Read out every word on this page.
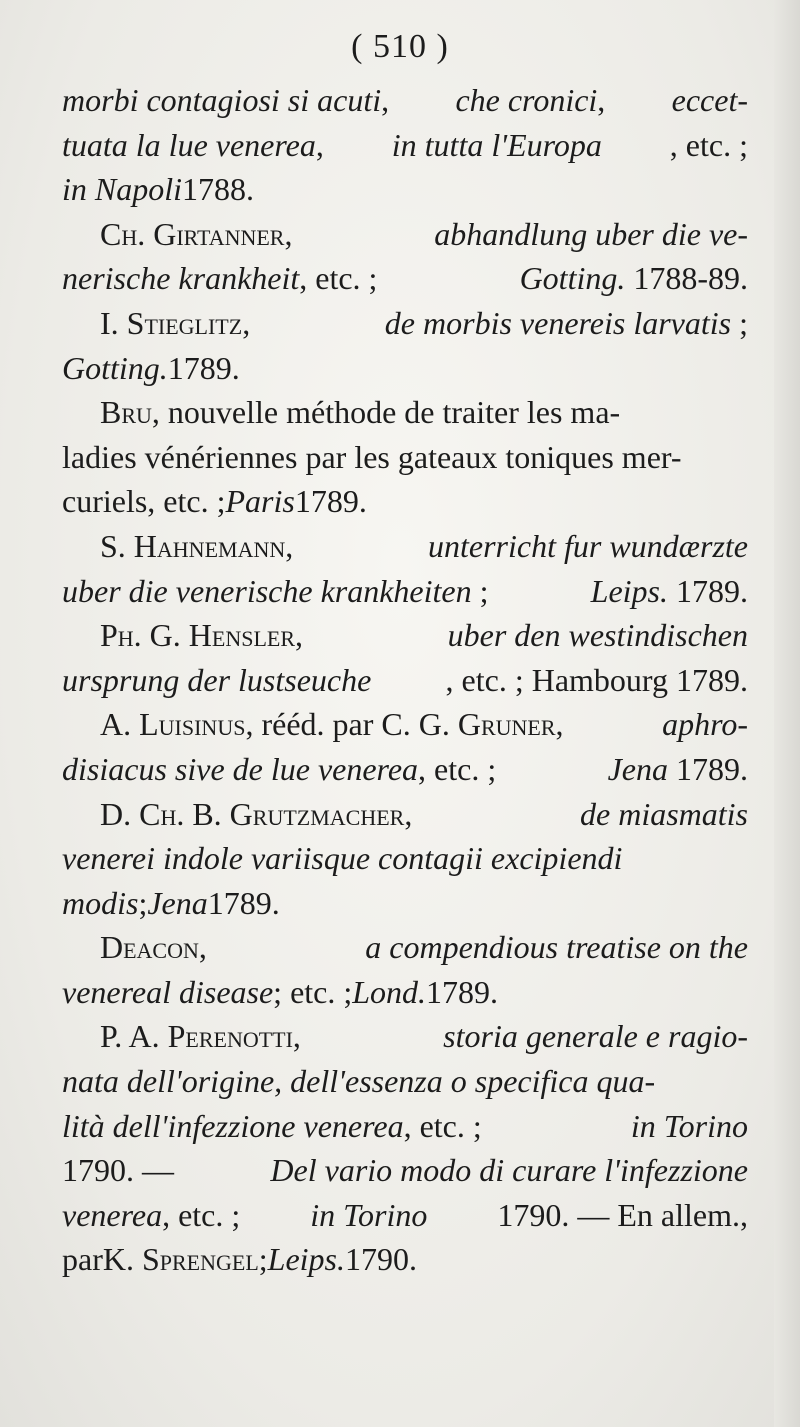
( 510 )
morbi contagiosi si acuti, che cronici, eccet-
tuata la lue venerea, in tutta l'Europa , etc. ;
in Napoli 1788.
Ch. Girtanner,	abhandlung uber die ve-
nerische krankheit, etc. ;	Gotting. 1788-89.
I. Stieglitz,	de morbis venereis larvatis ;
Gotting. 1789.
Bru, nouvelle méthode de traiter les ma-
ladies vénériennes par les gateaux toniques mer-
curiels, etc. ; Paris 1789.
S. Hahnemann,	unterricht fur wundærzte
uber die venerische krankheiten ;	Leips. 1789.
Ph. G. Hensler,	uber den westindischen
ursprung der lustseuche , etc. ; Hambourg 1789.
A. Luisinus, rééd. par C. G. Gruner,	aphro-
disiacus sive de lue venerea, etc. ;	Jena 1789.
D. Ch. B. Grutzmacher,	de miasmatis
venerei indole variisque contagii excipiendi
modis ; Jena 1789.
Deacon,	a compendious treatise on the
venereal disease ; etc. ; Lond. 1789.
P. A. Perenotti,	storia generale e ragio-
nata dell'origine, dell'essenza o specifica qua-
lità dell'infezzione venerea, etc. ;	in Torino
1790. —	Del vario modo di curare l'infezzione
venerea, etc. ; in Torino 1790. — En allem.,
par K. Sprengel ; Leips. 1790.
